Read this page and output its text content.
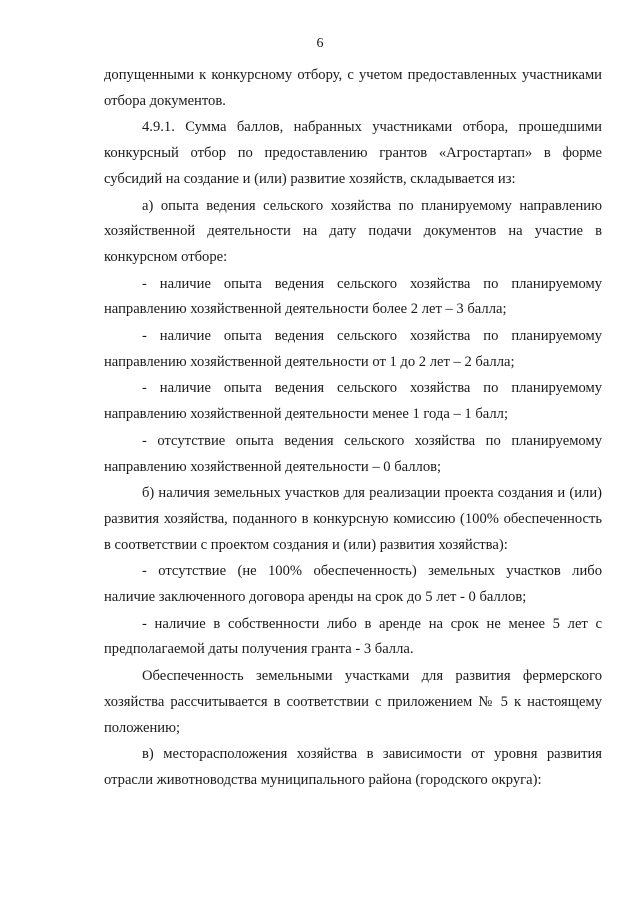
6

допущенными к конкурсному отбору, с учетом предоставленных участниками отбора документов.

4.9.1. Сумма баллов, набранных участниками отбора, прошедшими конкурсный отбор по предоставлению грантов «Агростартап» в форме субсидий на создание и (или) развитие хозяйств, складывается из:

а) опыта ведения сельского хозяйства по планируемому направлению хозяйственной деятельности на дату подачи документов на участие в конкурсном отборе:

- наличие опыта ведения сельского хозяйства по планируемому направлению хозяйственной деятельности более 2 лет – 3 балла;

- наличие опыта ведения сельского хозяйства по планируемому направлению хозяйственной деятельности от 1 до 2 лет – 2 балла;

- наличие опыта ведения сельского хозяйства по планируемому направлению хозяйственной деятельности менее 1 года – 1 балл;

- отсутствие опыта ведения сельского хозяйства по планируемому направлению хозяйственной деятельности – 0 баллов;

б) наличия земельных участков для реализации проекта создания и (или) развития хозяйства, поданного в конкурсную комиссию (100% обеспеченность в соответствии с проектом создания и (или) развития хозяйства):

- отсутствие (не 100% обеспеченность) земельных участков либо наличие заключенного договора аренды на срок до 5 лет - 0 баллов;

- наличие в собственности либо в аренде на срок не менее 5 лет с предполагаемой даты получения гранта - 3 балла.

Обеспеченность земельными участками для развития фермерского хозяйства рассчитывается в соответствии с приложением № 5 к настоящему положению;

в) месторасположения хозяйства в зависимости от уровня развития отрасли животноводства муниципального района (городского округа):
